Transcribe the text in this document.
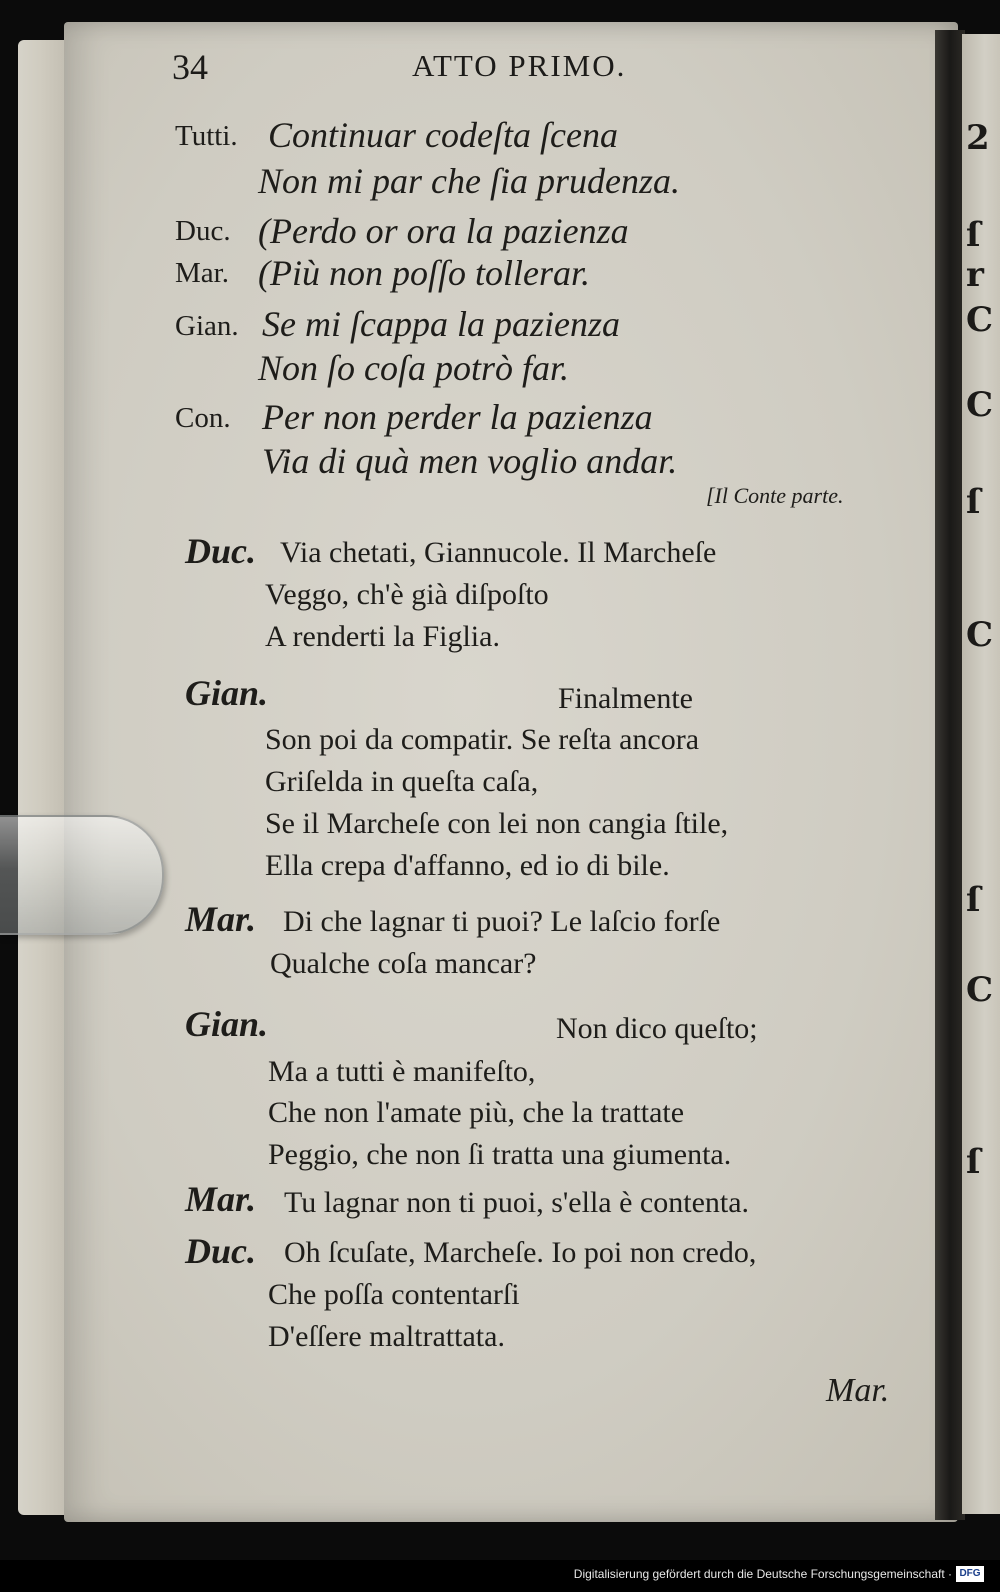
2
ſ
r
C
C
ſ
C
ſ
C
ſ
34	ATTO PRIMO.
Tutti. Continuar codeſta ſcena
Non mi par che ſia prudenza.
Duc. (Perdo or ora la pazienza
Mar. (Più non poſſo tollerar.
Gian. Se mi ſcappa la pazienza
Non ſo coſa potrò far.
Con. Per non perder la pazienza
Via di quà men voglio andar.
[Il Conte parte.
Duc. Via chetati, Giannucole. Il Marcheſe
Veggo, ch'è già diſpoſto
A renderti la Figlia.
Gian.	Finalmente
Son poi da compatir. Se reſta ancora
Griſelda in queſta caſa,
Se il Marcheſe con lei non cangia ſtile,
Ella crepa d'affanno, ed io di bile.
Mar. Di che lagnar ti puoi? Le laſcio forſe
Qualche coſa mancar?
Gian.	Non dico queſto;
Ma a tutti è manifeſto,
Che non l'amate più, che la trattate
Peggio, che non ſi tratta una giumenta.
Mar. Tu lagnar non ti puoi, s'ella è contenta.
Duc. Oh ſcuſate, Marcheſe. Io poi non credo,
Che poſſa contentarſi
D'eſſere maltrattata.
Mar.
Digitalisierung gefördert durch die Deutsche Forschungsgemeinschaft · DFG
